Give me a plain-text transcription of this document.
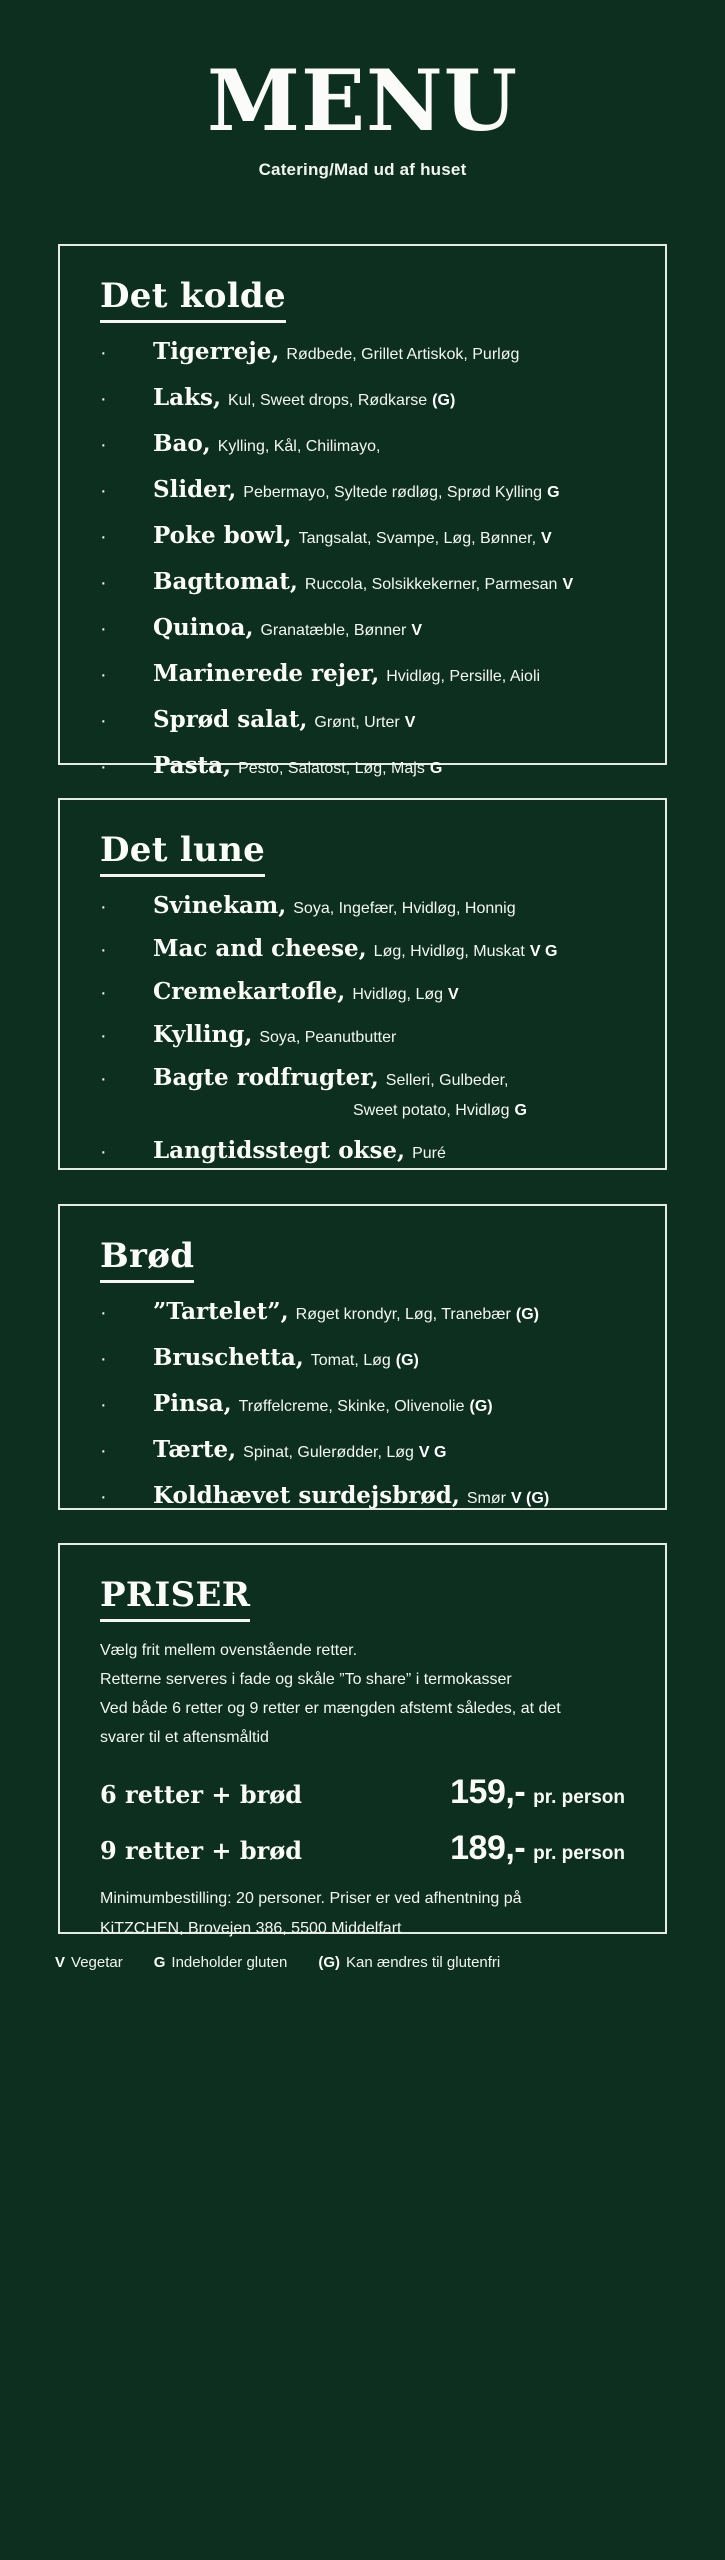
MENU
Catering/Mad ud af huset
Det kolde
·	Tigerreje, Rødbede, Grillet Artiskok, Purløg
·	Laks, Kul, Sweet drops, Rødkarse (G)
·	Bao, Kylling, Kål, Chilimayo,
·	Slider, Pebermayo, Syltede rødløg, Sprød Kylling G
·	Poke bowl, Tangsalat, Svampe, Løg, Bønner, V
·	Bagttomat, Ruccola, Solsikkekerner, Parmesan V
·	Quinoa, Granatæble, Bønner V
·	Marinerede rejer, Hvidløg, Persille, Aioli
·	Sprød salat, Grønt, Urter V
·	Pasta, Pesto, Salatost, Løg, Majs G
Det lune
·	Svinekam, Soya, Ingefær, Hvidløg, Honnig
·	Mac and cheese, Løg, Hvidløg, Muskat V G
·	Cremekartofle, Hvidløg, Løg V
·	Kylling, Soya, Peanutbutter
·	Bagte rodfrugter, Selleri, Gulbeder,
Sweet potato, Hvidløg G
·	Langtidsstegt okse, Puré
Brød
·	”Tartelet”, Røget krondyr, Løg, Tranebær (G)
·	Bruschetta, Tomat, Løg (G)
·	Pinsa, Trøffelcreme, Skinke, Olivenolie (G)
·	Tærte, Spinat, Gulerødder, Løg V G
·	Koldhævet surdejsbrød, Smør V (G)
PRISER
Vælg frit mellem ovenstående retter.
Retterne serveres i fade og skåle ”To share” i termokasser
Ved både 6 retter og 9 retter er mængden afstemt således, at det
svarer til et aftensmåltid
6 retter + brød	159,- pr. person
9 retter + brød	189,- pr. person
Minimumbestilling: 20 personer. Priser er ved afhentning på
KiTZCHEN, Brovejen 386, 5500 Middelfart
V Vegetar G Indeholder gluten (G) Kan ændres til glutenfri
